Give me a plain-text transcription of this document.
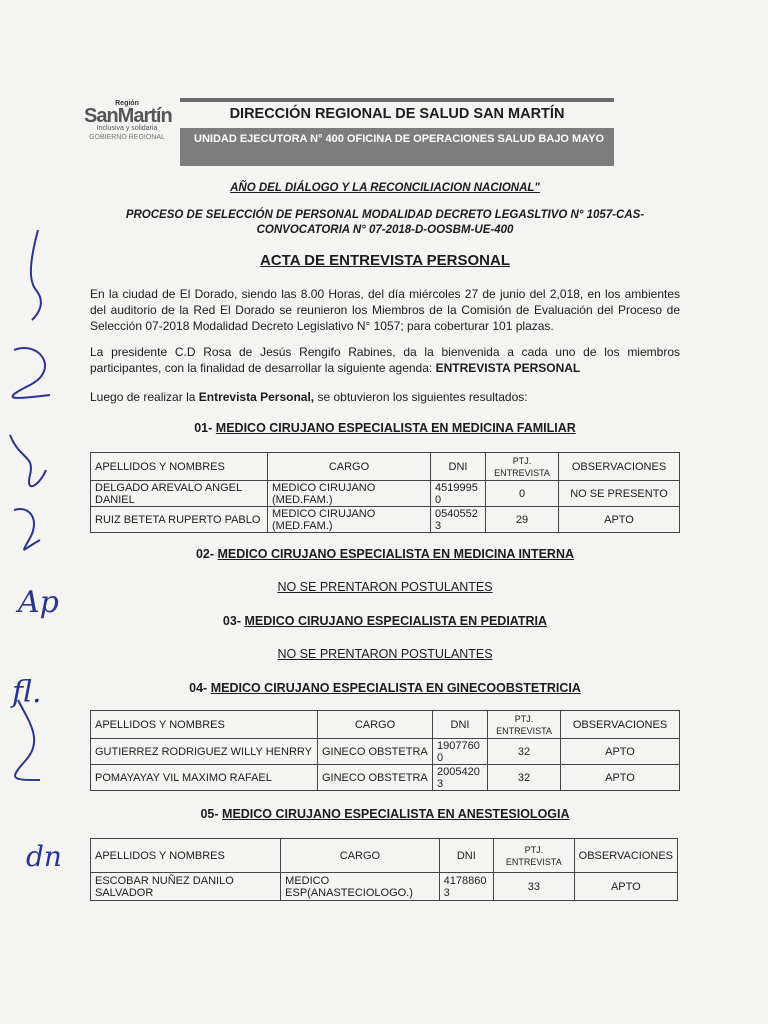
Región
SanMartín
Inclusiva y solidaria
GOBIERNO REGIONAL
DIRECCIÓN REGIONAL DE SALUD SAN MARTÍN
UNIDAD EJECUTORA N° 400 OFICINA DE OPERACIONES SALUD BAJO MAYO
AÑO DEL DIÁLOGO Y LA RECONCILIACION NACIONAL"
PROCESO DE SELECCIÓN DE PERSONAL MODALIDAD DECRETO LEGASLTIVO N° 1057-CAS-
CONVOCATORIA N° 07-2018-D-OOSBM-UE-400
ACTA DE ENTREVISTA PERSONAL
En la ciudad de El Dorado, siendo las 8.00 Horas, del día miércoles 27 de junio del 2,018, en los ambientes del auditorio de la Red El Dorado se reunieron los Miembros de la Comisión de Evaluación del Proceso de Selección 07-2018 Modalidad Decreto Legislativo N° 1057; para coberturar 101 plazas.
La presidente C.D Rosa de Jesús Rengifo Rabines, da la bienvenida a cada uno de los miembros participantes, con la finalidad de desarrollar la siguiente agenda: ENTREVISTA PERSONAL
Luego de realizar la Entrevista Personal, se obtuvieron los siguientes resultados:
01- MEDICO CIRUJANO ESPECIALISTA EN MEDICINA FAMILIAR
APELLIDOS Y NOMBRES	CARGO	DNI	PTJ. ENTREVISTA	OBSERVACIONES
DELGADO AREVALO ANGEL DANIEL	MEDICO CIRUJANO (MED.FAM.)	45199950	0	NO SE PRESENTO
RUIZ BETETA RUPERTO PABLO	MEDICO CIRUJANO (MED.FAM.)	05405523	29	APTO
02- MEDICO CIRUJANO ESPECIALISTA EN MEDICINA INTERNA
NO SE PRENTARON POSTULANTES
03- MEDICO CIRUJANO ESPECIALISTA EN PEDIATRIA
NO SE PRENTARON POSTULANTES
04- MEDICO CIRUJANO ESPECIALISTA EN GINECOOBSTETRICIA
APELLIDOS Y NOMBRES	CARGO	DNI	PTJ. ENTREVISTA	OBSERVACIONES
GUTIERREZ RODRIGUEZ WILLY HENRRY	GINECO OBSTETRA	19077600	32	APTO
POMAYAYAY VIL MAXIMO RAFAEL	GINECO OBSTETRA	20054203	32	APTO
05- MEDICO CIRUJANO ESPECIALISTA EN ANESTESIOLOGIA
APELLIDOS Y NOMBRES	CARGO	DNI	PTJ. ENTREVISTA	OBSERVACIONES
ESCOBAR NUÑEZ DANILO SALVADOR	MEDICO ESP(ANASTECIOLOGO.)	41788603	33	APTO
Ap
fl.
dn
